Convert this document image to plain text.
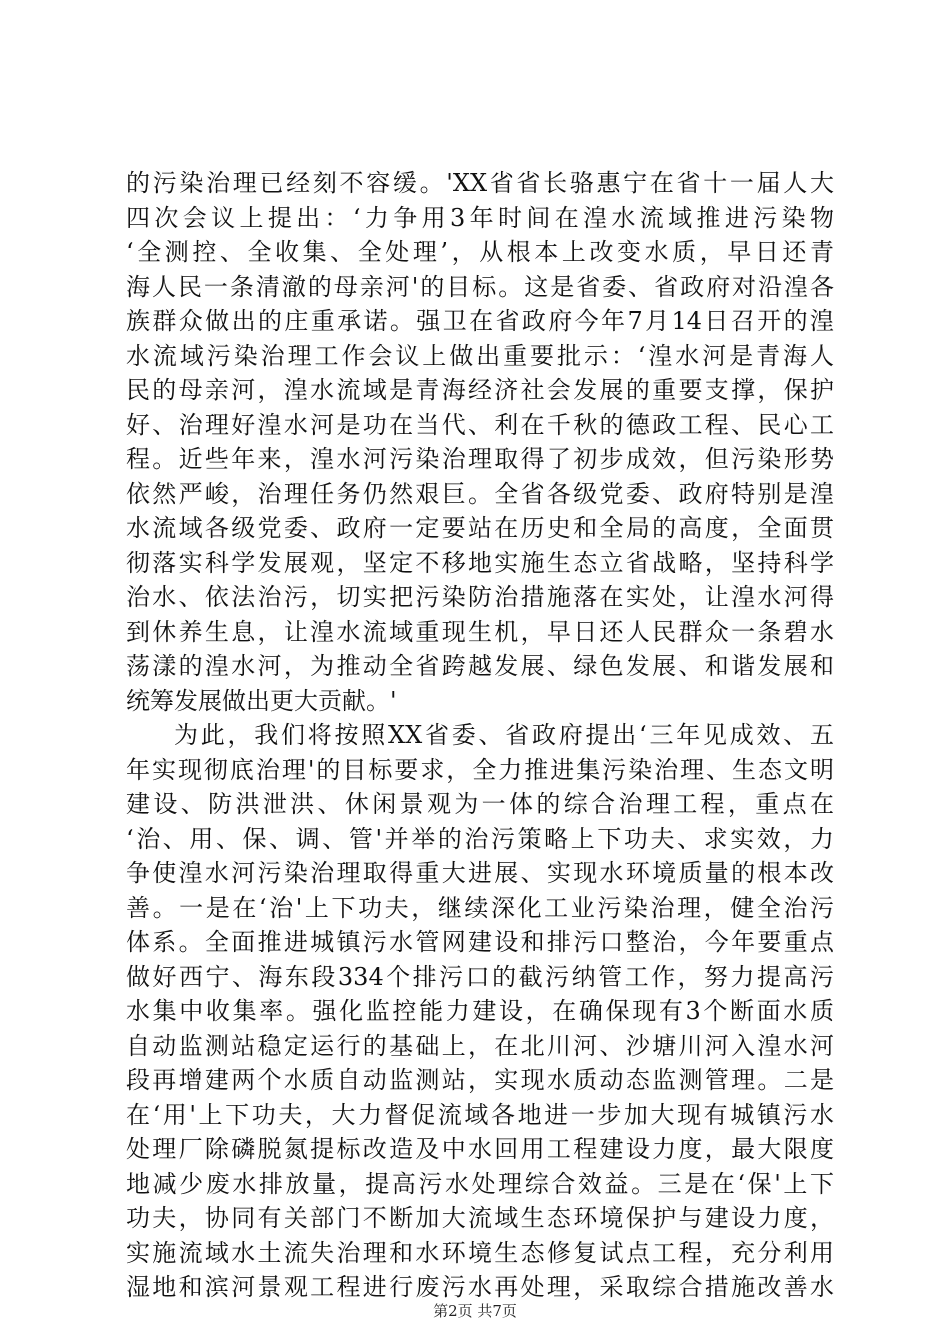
的污染治理已经刻不容缓。'XX省省长骆惠宁在省十一届人大
四次会议上提出：‘力争用3年时间在湟水流域推进污染物
‘全测控、全收集、全处理’，从根本上改变水质，早日还青
海人民一条清澈的母亲河'的目标。这是省委、省政府对沿湟各
族群众做出的庄重承诺。强卫在省政府今年7月14日召开的湟
水流域污染治理工作会议上做出重要批示：‘湟水河是青海人
民的母亲河，湟水流域是青海经济社会发展的重要支撑，保护
好、治理好湟水河是功在当代、利在千秋的德政工程、民心工
程。近些年来，湟水河污染治理取得了初步成效，但污染形势
依然严峻，治理任务仍然艰巨。全省各级党委、政府特别是湟
水流域各级党委、政府一定要站在历史和全局的高度，全面贯
彻落实科学发展观，坚定不移地实施生态立省战略，坚持科学
治水、依法治污，切实把污染防治措施落在实处，让湟水河得
到休养生息，让湟水流域重现生机，早日还人民群众一条碧水
荡漾的湟水河，为推动全省跨越发展、绿色发展、和谐发展和
统筹发展做出更大贡献。'
为此，我们将按照XX省委、省政府提出‘三年见成效、五
年实现彻底治理'的目标要求，全力推进集污染治理、生态文明
建设、防洪泄洪、休闲景观为一体的综合治理工程，重点在
‘治、用、保、调、管'并举的治污策略上下功夫、求实效，力
争使湟水河污染治理取得重大进展、实现水环境质量的根本改
善。一是在‘治'上下功夫，继续深化工业污染治理，健全治污
体系。全面推进城镇污水管网建设和排污口整治，今年要重点
做好西宁、海东段334个排污口的截污纳管工作，努力提高污
水集中收集率。强化监控能力建设，在确保现有3个断面水质
自动监测站稳定运行的基础上，在北川河、沙塘川河入湟水河
段再增建两个水质自动监测站，实现水质动态监测管理。二是
在‘用'上下功夫，大力督促流域各地进一步加大现有城镇污水
处理厂除磷脱氮提标改造及中水回用工程建设力度，最大限度
地减少废水排放量，提高污水处理综合效益。三是在‘保'上下
功夫，协同有关部门不断加大流域生态环境保护与建设力度，
实施流域水土流失治理和水环境生态修复试点工程，充分利用
湿地和滨河景观工程进行废污水再处理，采取综合措施改善水
第2页 共7页
